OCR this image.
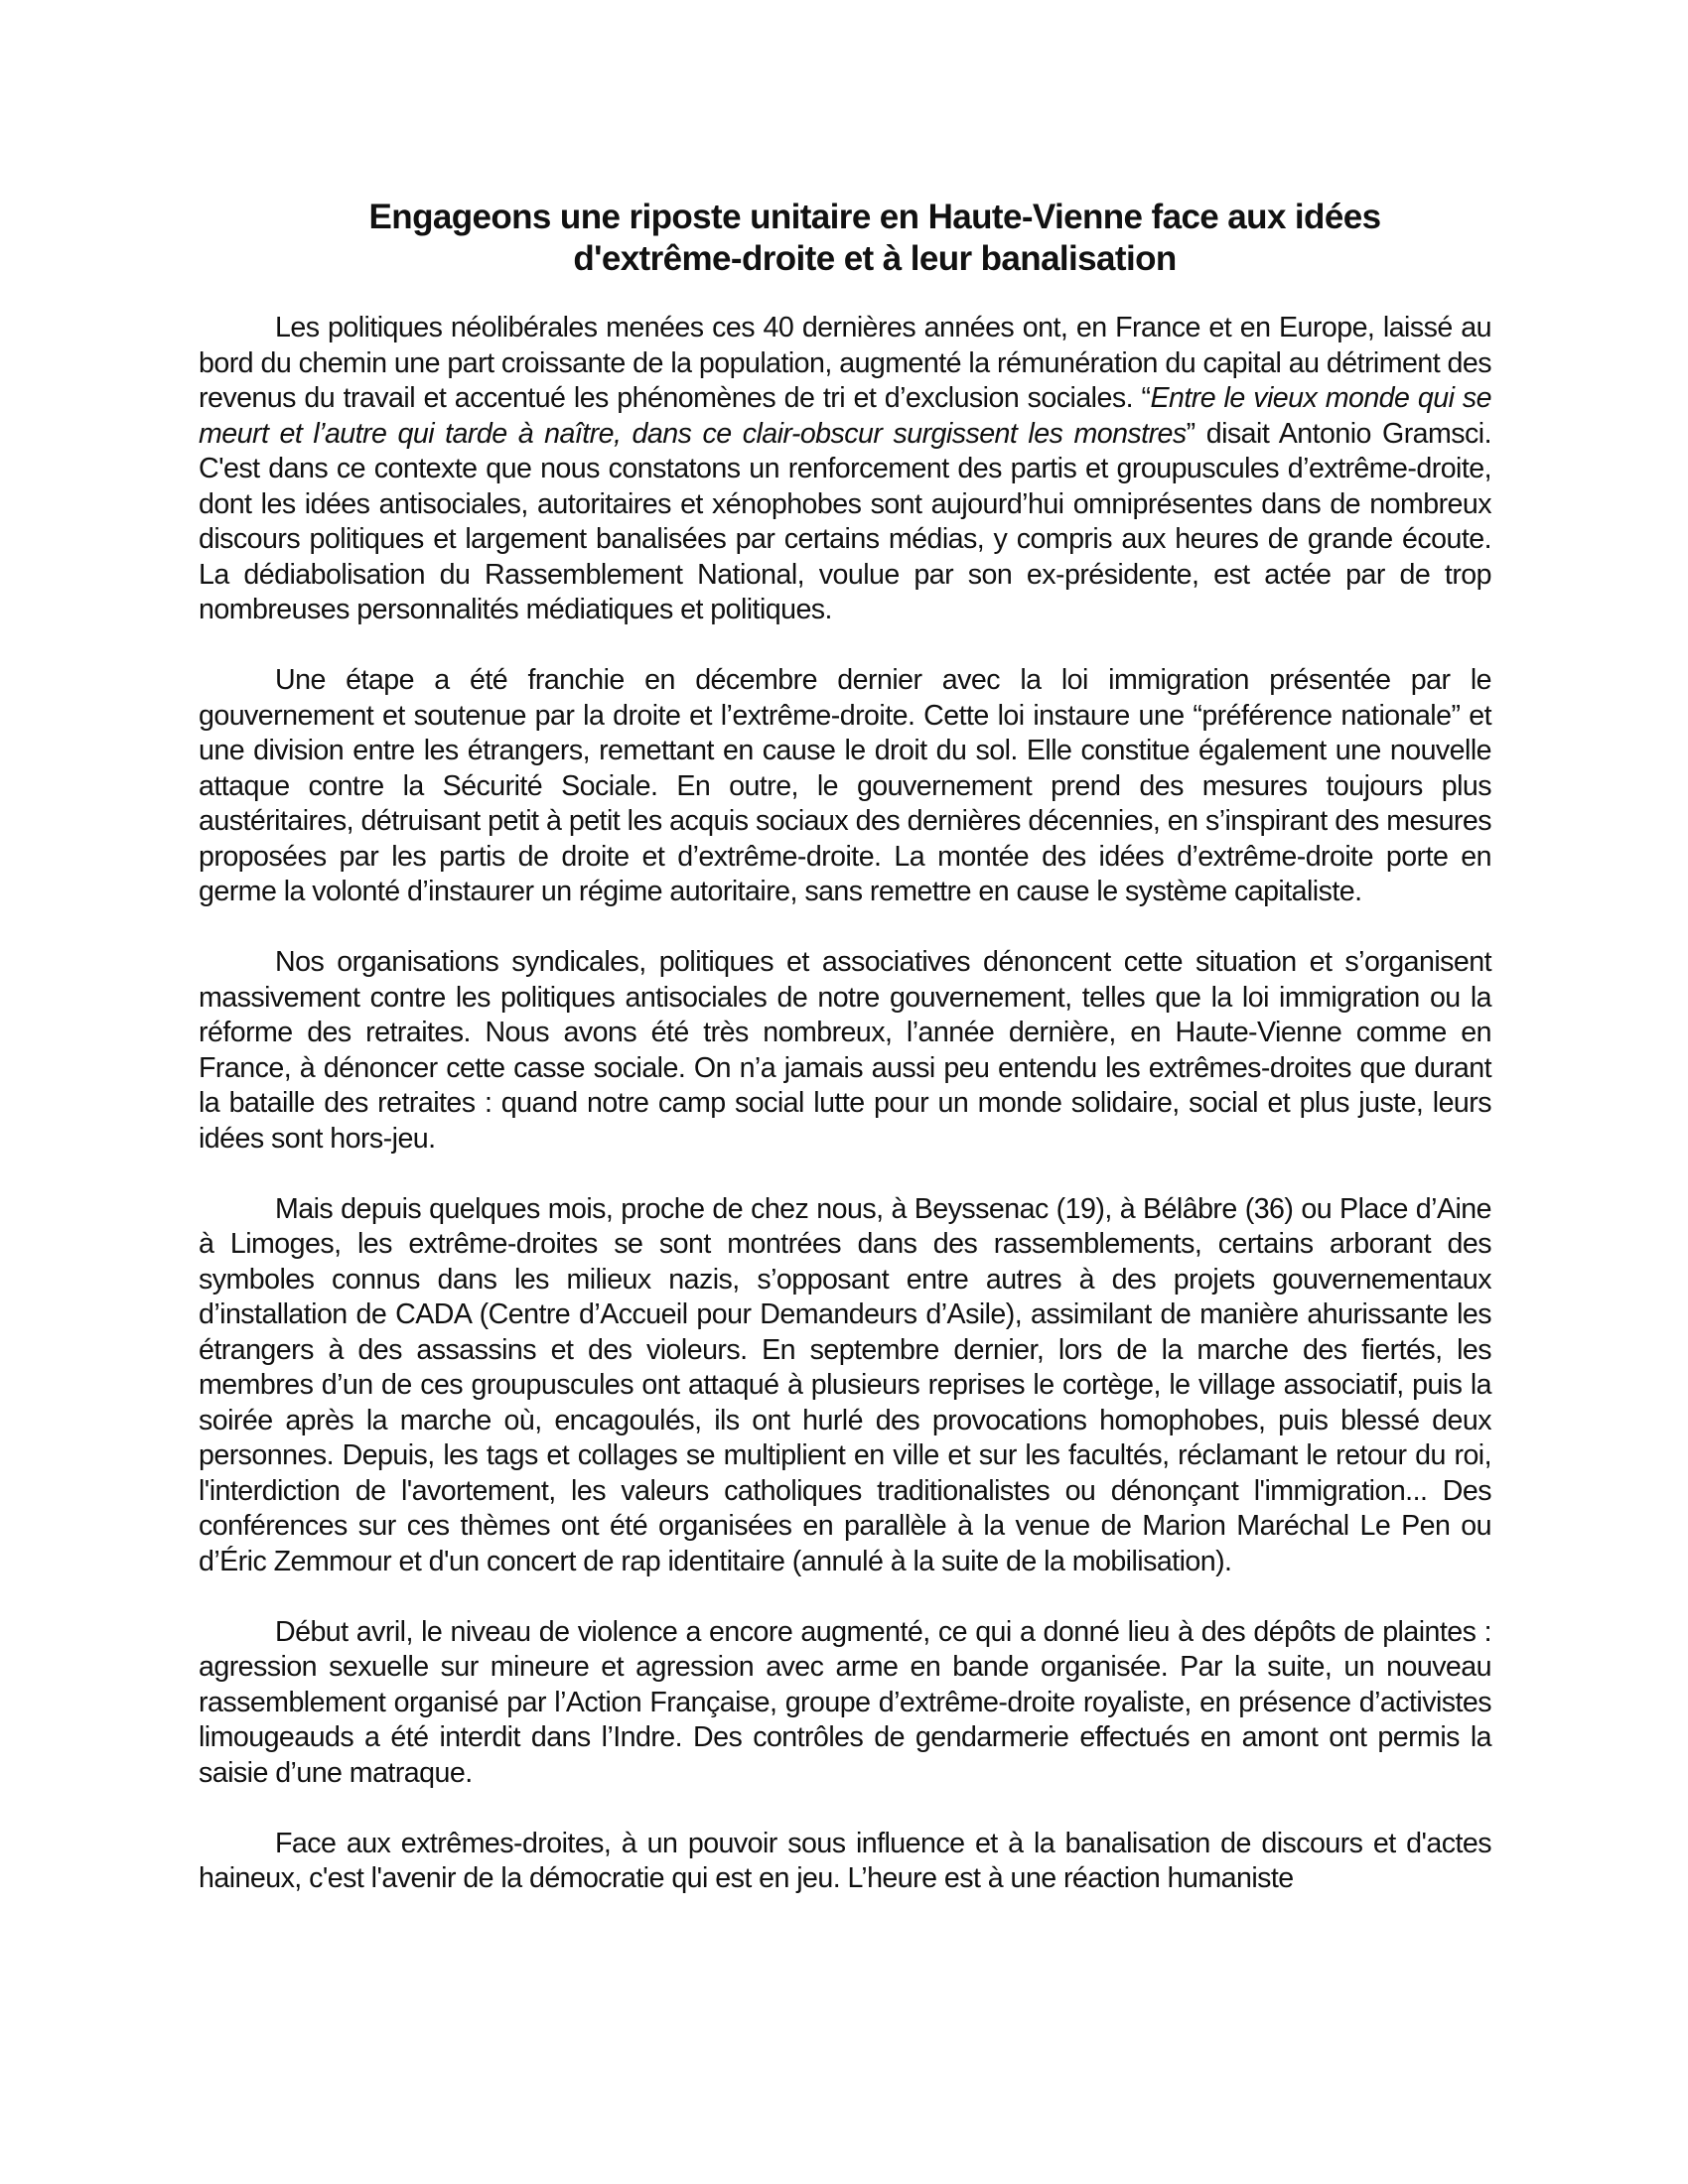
Engageons une riposte unitaire en Haute-Vienne face aux idées
d'extrême-droite et à leur banalisation

Les politiques néolibérales menées ces 40 dernières années ont, en France et en Europe, laissé au bord du chemin une part croissante de la population, augmenté la rémunération du capital au détriment des revenus du travail et accentué les phénomènes de tri et d’exclusion sociales. “Entre le vieux monde qui se meurt et l’autre qui tarde à naître, dans ce clair-obscur surgissent les monstres” disait Antonio Gramsci. C'est dans ce contexte que nous constatons un renforcement des partis et groupuscules d’extrême-droite, dont les idées antisociales, autoritaires et xénophobes sont aujourd’hui omniprésentes dans de nombreux discours politiques et largement banalisées par certains médias, y compris aux heures de grande écoute. La dédiabolisation du Rassemblement National, voulue par son ex-présidente, est actée par de trop nombreuses personnalités médiatiques et politiques.

Une étape a été franchie en décembre dernier avec la loi immigration présentée par le gouvernement et soutenue par la droite et l’extrême-droite. Cette loi instaure une “préférence nationale” et une division entre les étrangers, remettant en cause le droit du sol. Elle constitue également une nouvelle attaque contre la Sécurité Sociale. En outre, le gouvernement prend des mesures toujours plus austéritaires, détruisant petit à petit les acquis sociaux des dernières décennies, en s’inspirant des mesures proposées par les partis de droite et d’extrême-droite. La montée des idées d’extrême-droite porte en germe la volonté d’instaurer un régime autoritaire, sans remettre en cause le système capitaliste.

Nos organisations syndicales, politiques et associatives dénoncent cette situation et s’organisent massivement contre les politiques antisociales de notre gouvernement, telles que la loi immigration ou la réforme des retraites. Nous avons été très nombreux, l’année dernière, en Haute-Vienne comme en France, à dénoncer cette casse sociale. On n’a jamais aussi peu entendu les extrêmes-droites que durant la bataille des retraites : quand notre camp social lutte pour un monde solidaire, social et plus juste, leurs idées sont hors-jeu.

Mais depuis quelques mois, proche de chez nous, à Beyssenac (19), à Bélâbre (36) ou Place d’Aine à Limoges, les extrême-droites se sont montrées dans des rassemblements, certains arborant des symboles connus dans les milieux nazis, s’opposant entre autres à des projets gouvernementaux d’installation de CADA (Centre d’Accueil pour Demandeurs d’Asile), assimilant de manière ahurissante les étrangers à des assassins et des violeurs. En septembre dernier, lors de la marche des fiertés, les membres d’un de ces groupuscules ont attaqué à plusieurs reprises le cortège, le village associatif, puis la soirée après la marche où, encagoulés, ils ont hurlé des provocations homophobes, puis blessé deux personnes. Depuis, les tags et collages se multiplient en ville et sur les facultés, réclamant le retour du roi, l'interdiction de l'avortement, les valeurs catholiques traditionalistes ou dénonçant l'immigration... Des conférences sur ces thèmes ont été organisées en parallèle à la venue de Marion Maréchal Le Pen ou d’Éric Zemmour et d'un concert de rap identitaire (annulé à la suite de la mobilisation).

Début avril, le niveau de violence a encore augmenté, ce qui a donné lieu à des dépôts de plaintes : agression sexuelle sur mineure et agression avec arme en bande organisée. Par la suite, un nouveau rassemblement organisé par l’Action Française, groupe d’extrême-droite royaliste, en présence d’activistes limougeauds a été interdit dans l’Indre. Des contrôles de gendarmerie effectués en amont ont permis la saisie d’une matraque.

Face aux extrêmes-droites, à un pouvoir sous influence et à la banalisation de discours et d'actes haineux, c'est l'avenir de la démocratie qui est en jeu. L’heure est à une réaction humaniste
